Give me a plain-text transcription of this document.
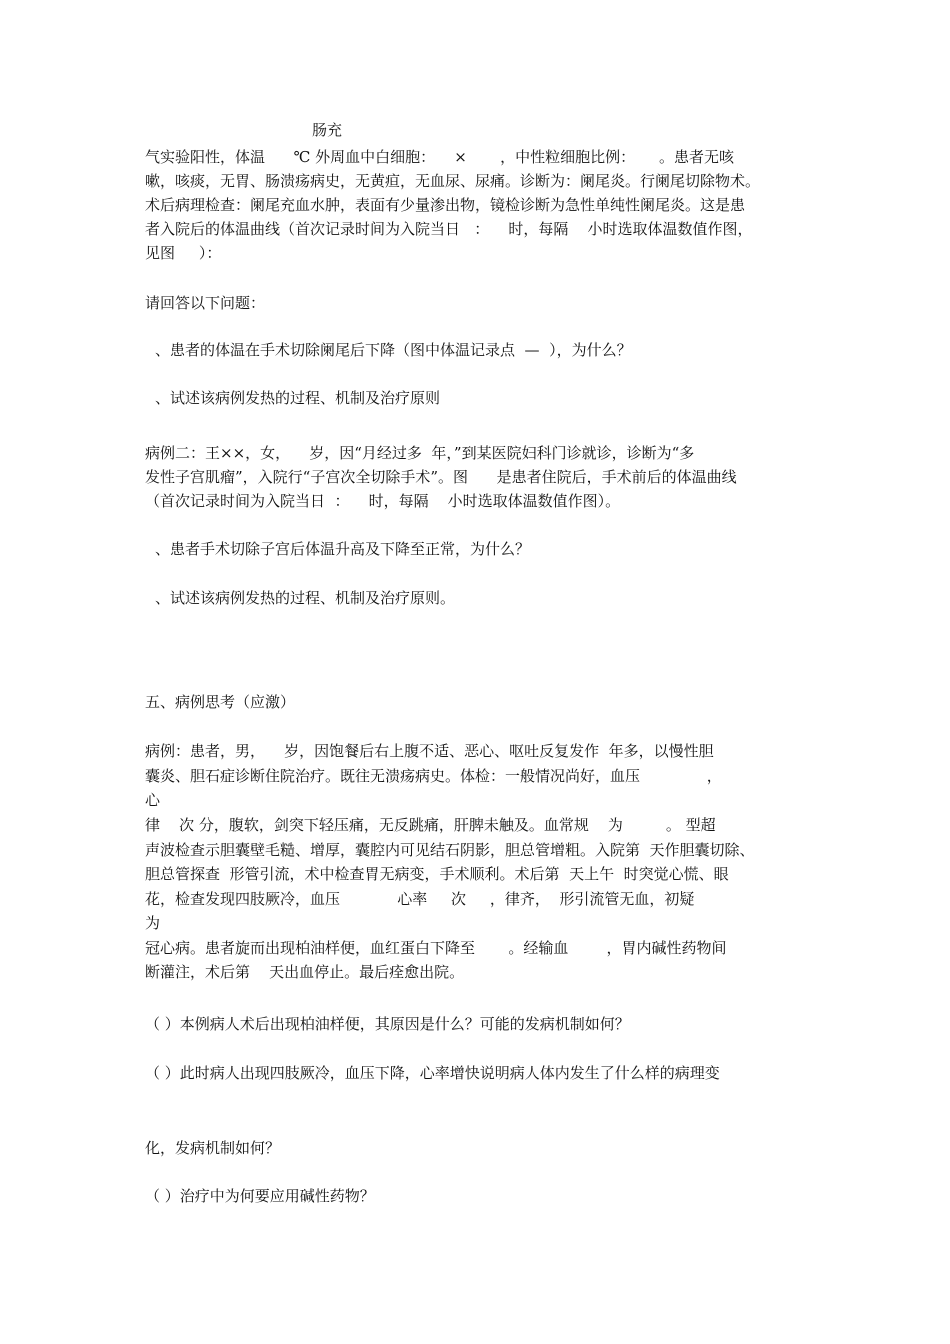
肠充

气实验阳性，体温      ℃ 外周血中白细胞：    ×       ，中性粒细胞比例：     。患者无咳

嗽，咳痰，无胃、肠溃疡病史，无黄疸，无血尿、尿痛。诊断为：阑尾炎。行阑尾切除物术。

术后病理检查：阑尾充血水肿，表面有少量渗出物，镜检诊断为急性单纯性阑尾炎。这是患

者入院后的体温曲线（首次记录时间为入院当日   ：    时，每隔    小时选取体温数值作图，

见图     ）：

请回答以下问题：

、患者的体温在手术切除阑尾后下降（图中体温记录点  —  ），为什么？

、试述该病例发热的过程、机制及治疗原则

病例二：王××，女，    岁，因“月经过多  年，”到某医院妇科门诊就诊，诊断为“多

发性子宫肌瘤”，入院行“子宫次全切除手术”。图      是患者住院后，手术前后的体温曲线

（首次记录时间为入院当日  ：    时，每隔    小时选取体温数值作图）。

、患者手术切除子宫后体温升高及下降至正常，为什么？

、试述该病例发热的过程、机制及治疗原则。

五、病例思考（应激）

病例：患者，男，    岁，因饱餐后右上腹不适、恶心、呕吐反复发作  年多，以慢性胆

囊炎、胆石症诊断住院治疗。既往无溃疡病史。体检：一般情况尚好，血压              ，

心

律    次 分，腹软，剑突下轻压痛，无反跳痛，肝脾未触及。血常规    为         。 型超

声波检查示胆囊壁毛糙、增厚，囊腔内可见结石阴影，胆总管增粗。入院第  天作胆囊切除、

胆总管探查  形管引流，术中检查胃无病变，手术顺利。术后第  天上午  时突觉心慌、眼

花，检查发现四肢厥冷，血压            心率     次     ，律齐，  形引流管无血，初疑

为

冠心病。患者旋而出现柏油样便，血红蛋白下降至       。经输血        ，胃内碱性药物间

断灌注，术后第    天出血停止。最后痊愈出院。

（ ）本例病人术后出现柏油样便，其原因是什么？可能的发病机制如何？

（ ）此时病人出现四肢厥冷，血压下降，心率增快说明病人体内发生了什么样的病理变

化，发病机制如何？

（ ）治疗中为何要应用碱性药物？
